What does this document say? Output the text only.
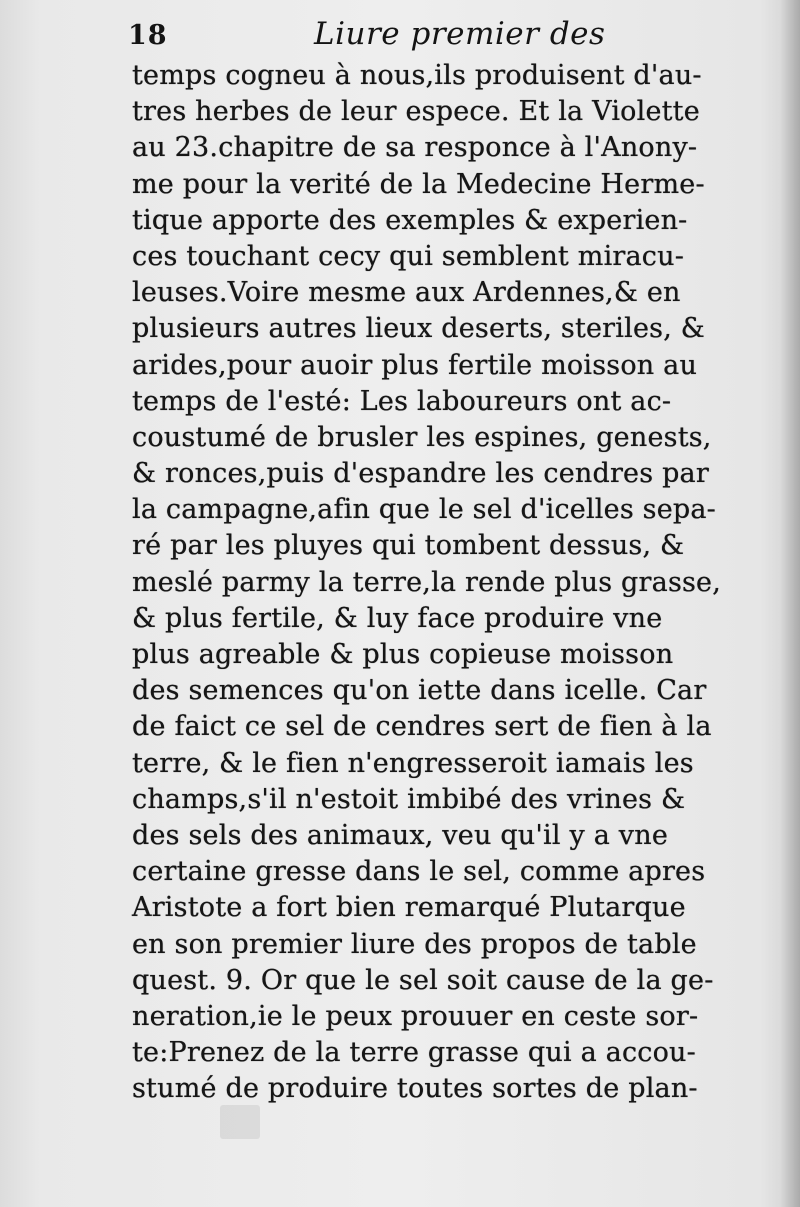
18	Liure premier des
temps cogneu à nous,ils produisent d'au-
tres herbes de leur espece. Et la Violette
au 23.chapitre de sa responce à l'Anony-
me pour la verité de la Medecine Herme-
tique apporte des exemples & experien-
ces touchant cecy qui semblent miracu-
leuses.Voire mesme aux Ardennes,& en
plusieurs autres lieux deserts, steriles, &
arides,pour auoir plus fertile moisson au
temps de l'esté: Les laboureurs ont ac-
coustumé de brusler les espines, genests,
& ronces,puis d'espandre les cendres par
la campagne,afin que le sel d'icelles sepa-
ré par les pluyes qui tombent dessus, &
meslé parmy la terre,la rende plus grasse,
& plus fertile, & luy face produire vne
plus agreable & plus copieuse moisson
des semences qu'on iette dans icelle. Car
de faict ce sel de cendres sert de fien à la
terre, & le fien n'engresseroit iamais les
champs,s'il n'estoit imbibé des vrines &
des sels des animaux, veu qu'il y a vne
certaine gresse dans le sel, comme apres
Aristote a fort bien remarqué Plutarque
en son premier liure des propos de table
quest. 9. Or que le sel soit cause de la ge-
neration,ie le peux prouuer en ceste sor-
te:Prenez de la terre grasse qui a accou-
stumé de produire toutes sortes de plan-
